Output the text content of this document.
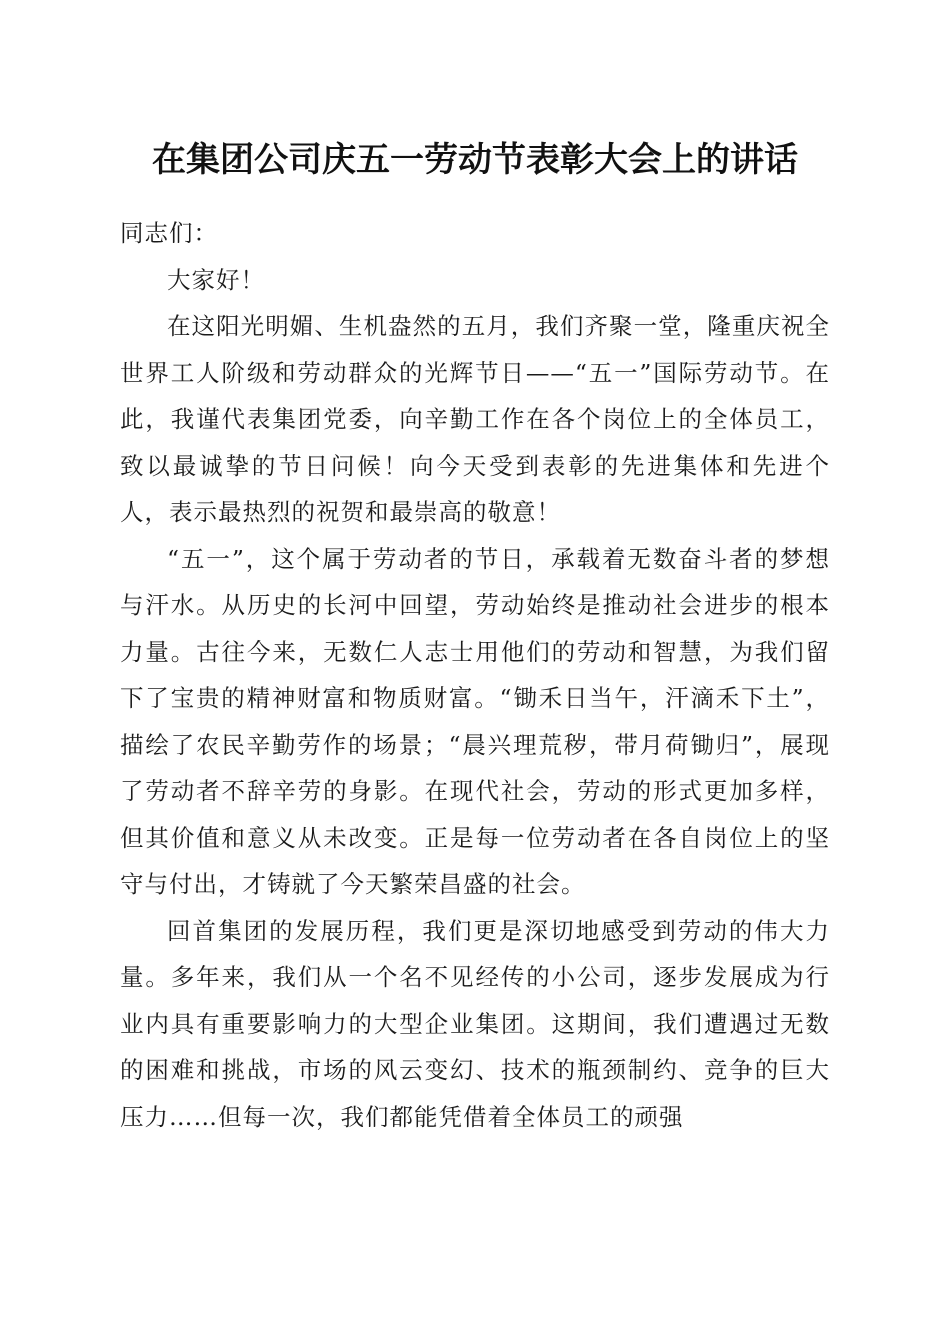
在集团公司庆五一劳动节表彰大会上的讲话

同志们：

大家好！

在这阳光明媚、生机盎然的五月，我们齐聚一堂，隆重庆祝全世界工人阶级和劳动群众的光辉节日——“五一”国际劳动节。在此，我谨代表集团党委，向辛勤工作在各个岗位上的全体员工，致以最诚挚的节日问候！向今天受到表彰的先进集体和先进个人，表示最热烈的祝贺和最崇高的敬意！

“五一”，这个属于劳动者的节日，承载着无数奋斗者的梦想与汗水。从历史的长河中回望，劳动始终是推动社会进步的根本力量。古往今来，无数仁人志士用他们的劳动和智慧，为我们留下了宝贵的精神财富和物质财富。“锄禾日当午，汗滴禾下土”，描绘了农民辛勤劳作的场景；“晨兴理荒秽，带月荷锄归”，展现了劳动者不辞辛劳的身影。在现代社会，劳动的形式更加多样，但其价值和意义从未改变。正是每一位劳动者在各自岗位上的坚守与付出，才铸就了今天繁荣昌盛的社会。

回首集团的发展历程，我们更是深切地感受到劳动的伟大力量。多年来，我们从一个名不见经传的小公司，逐步发展成为行业内具有重要影响力的大型企业集团。这期间，我们遭遇过无数的困难和挑战，市场的风云变幻、技术的瓶颈制约、竞争的巨大压力……但每一次，我们都能凭借着全体员工的顽强
